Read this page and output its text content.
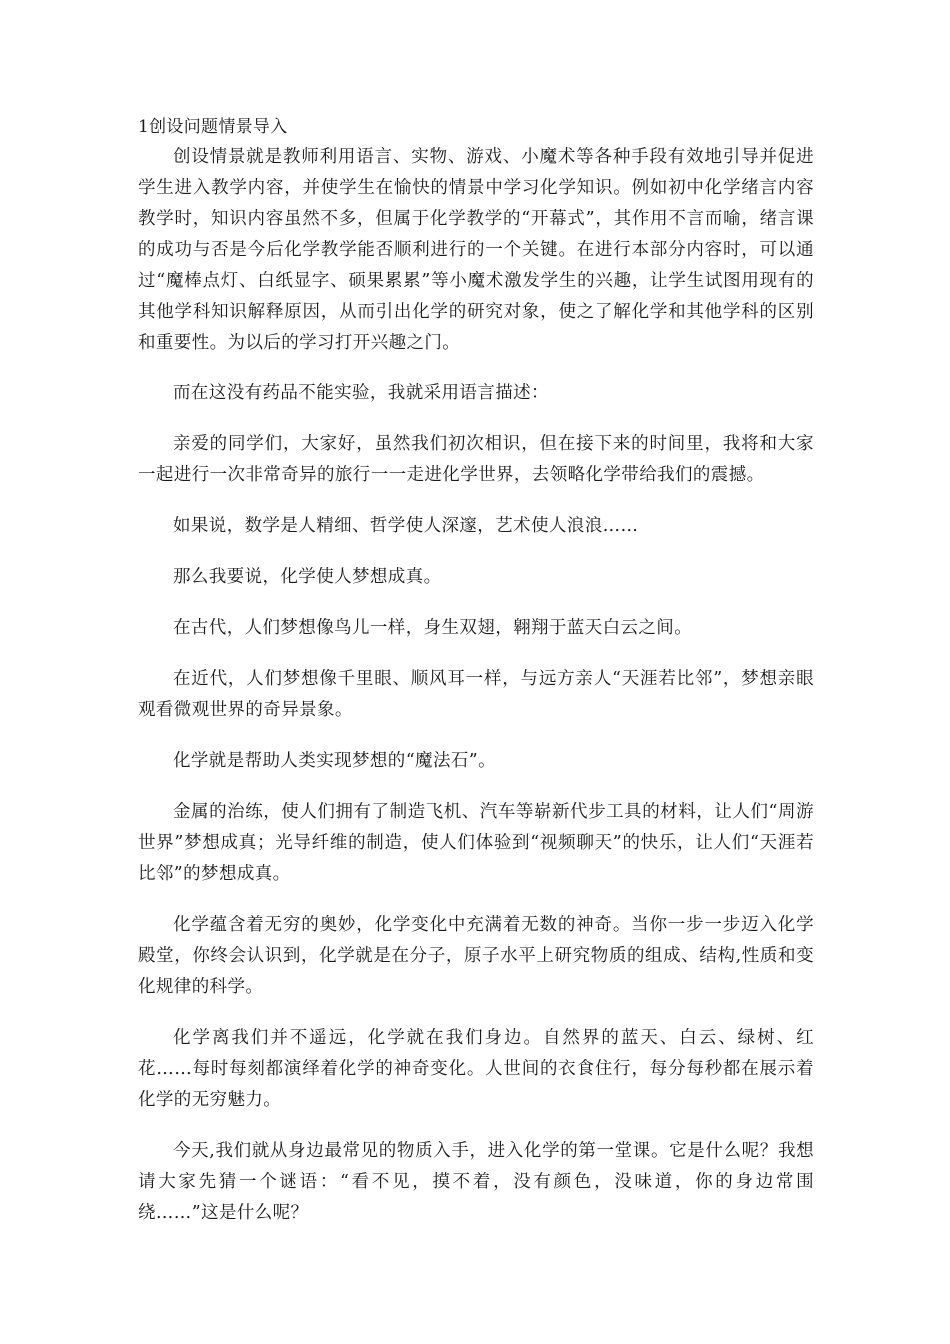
1创设问题情景导入

创设情景就是教师利用语言、实物、游戏、小魔术等各种手段有效地引导并促进学生进入教学内容，并使学生在愉快的情景中学习化学知识。例如初中化学绪言内容教学时，知识内容虽然不多，但属于化学教学的“开幕式”，其作用不言而喻，绪言课的成功与否是今后化学教学能否顺利进行的一个关键。在进行本部分内容时，可以通过“魔棒点灯、白纸显字、硕果累累”等小魔术激发学生的兴趣，让学生试图用现有的其他学科知识解释原因，从而引出化学的研究对象，使之了解化学和其他学科的区别和重要性。为以后的学习打开兴趣之门。

而在这没有药品不能实验，我就采用语言描述：

亲爱的同学们，大家好，虽然我们初次相识，但在接下来的时间里，我将和大家一起进行一次非常奇异的旅行一一走进化学世界，去领略化学带给我们的震撼。

如果说，数学是人精细、哲学使人深邃，艺术使人浪浪……

那么我要说，化学使人梦想成真。

在古代，人们梦想像鸟儿一样，身生双翅，翱翔于蓝天白云之间。

在近代，人们梦想像千里眼、顺风耳一样，与远方亲人“天涯若比邻”，梦想亲眼观看微观世界的奇异景象。

化学就是帮助人类实现梦想的“魔法石”。

金属的治练，使人们拥有了制造飞机、汽车等崭新代步工具的材料，让人们“周游世界”梦想成真；光导纤维的制造，使人们体验到“视频聊天”的快乐，让人们“天涯若比邻”的梦想成真。

化学蕴含着无穷的奥妙，化学变化中充满着无数的神奇。当你一步一步迈入化学殿堂，你终会认识到，化学就是在分子，原子水平上研究物质的组成、结构,性质和变化规律的科学。

化学离我们并不遥远，化学就在我们身边。自然界的蓝天、白云、绿树、红花……每时每刻都演绎着化学的神奇变化。人世间的衣食住行，每分每秒都在展示着化学的无穷魅力。

今天,我们就从身边最常见的物质入手，进入化学的第一堂课。它是什么呢？我想请大家先猜一个谜语：“看不见，摸不着，没有颜色，没味道，你的身边常围绕……”这是什么呢？
